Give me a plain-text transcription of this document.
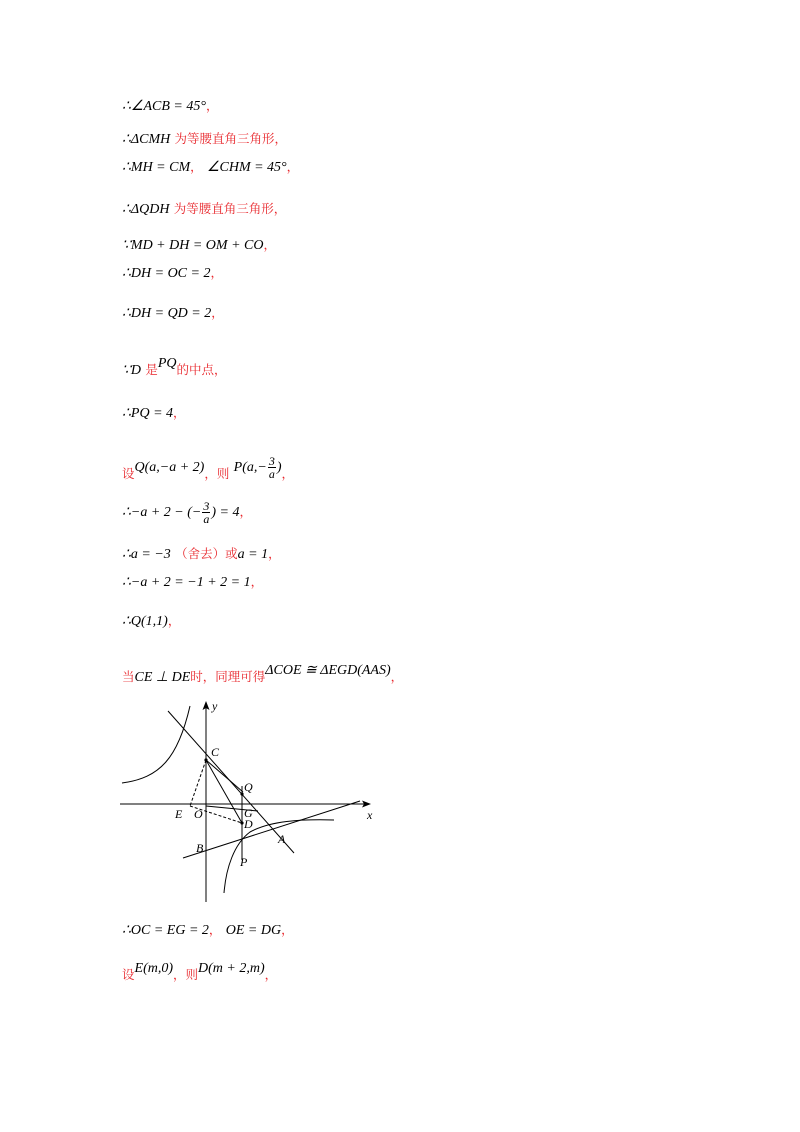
∴∠ACB = 45°，
∴ΔCMH 为等腰直角三角形，
∴MH = CM， ∠CHM = 45°，
∴ΔQDH 为等腰直角三角形，
∵MD + DH = OM + CO，
∴DH = OC = 2，
∴DH = QD = 2，
∵D 是PQ的中点，
∴PQ = 4，
设Q(a,−a + 2)，则 $P(a,- \frac{3}{a}$ )，
∴−a + 2 − (− $\frac{3}{a}$ ) = 4，
∴a = −3 （舍去）或a = 1，
∴−a + 2 = −1 + 2 = 1，
∴Q(1,1)，
当CE ⊥ DE时，同理可得ΔCOE ≅ ΔEGD(AAS)，
y
x
C
Q
E O	G
D
A
B
P
∴OC = EG = 2， OE = DG，
设E(m,0)，则D(m + 2,m)，
